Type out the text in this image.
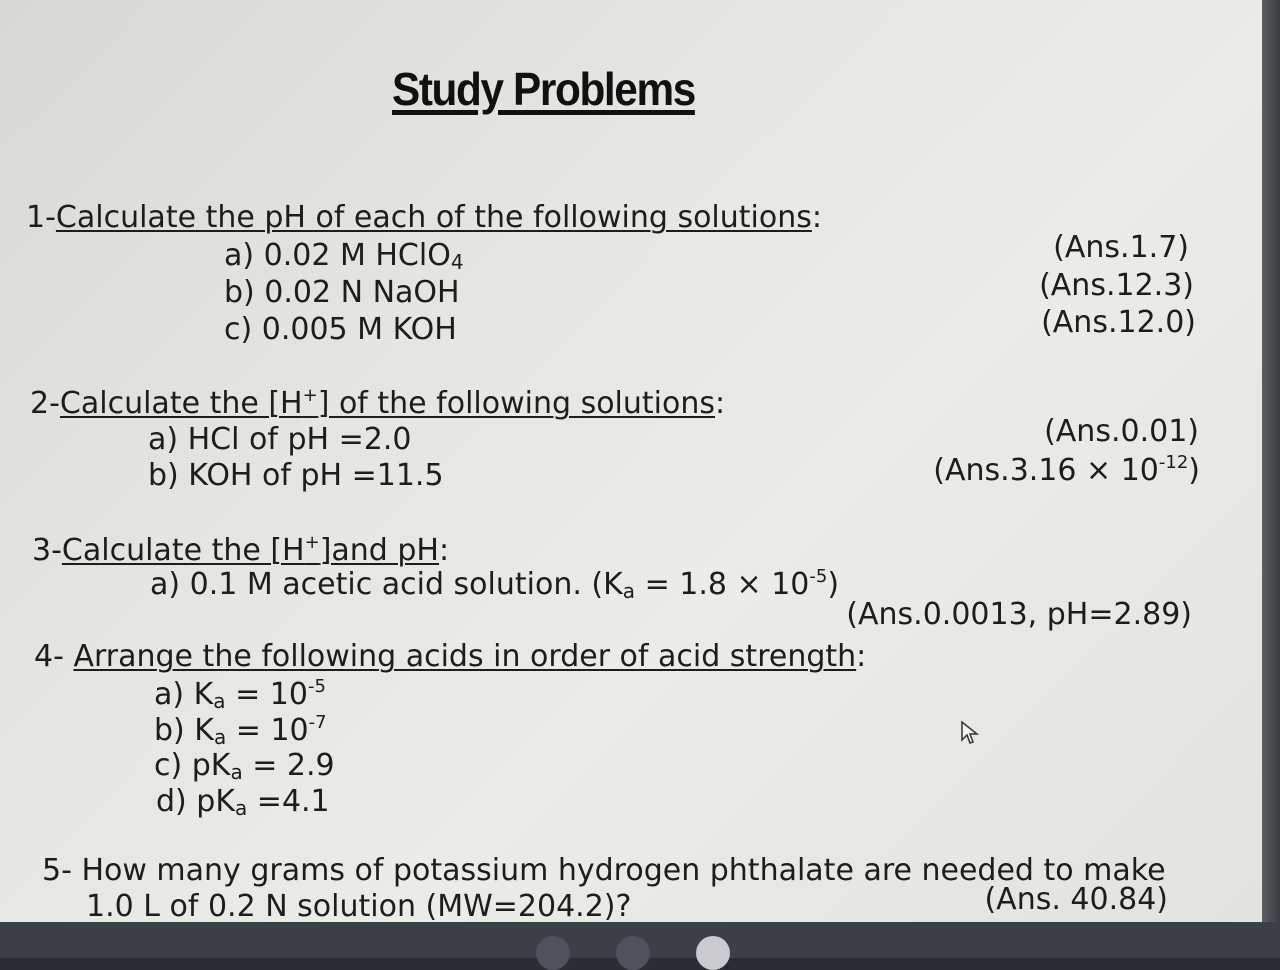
Study Problems
1-Calculate the pH of each of the following solutions:
a) 0.02 M HClO$_4$
b) 0.02 N NaOH
c) 0.005 M KOH
(Ans.1.7)
(Ans.12.3)
(Ans.12.0)
2-Calculate the [H+] of the following solutions:
a) HCl of pH =2.0
b) KOH of pH =11.5
(Ans.0.01)
$(Ans.3.16 \times 10^{-12})$
3-Calculate the [H+]and pH:
a) 0.1 M acetic acid solution. $(K_a = 1.8 \times 10^{-5})$
(Ans.0.0013, pH=2.89)
4- Arrange the following acids in order of acid strength:
a) $K_a = 10^{-5}$
b) $K_a = 10^{-7}$
c) $pK_a = 2.9$
d) $pK_a =4.1$
5- How many grams of potassium hydrogen phthalate are needed to make
1.0 L of 0.2 N solution (MW=204.2)?	(Ans. 40.84)
